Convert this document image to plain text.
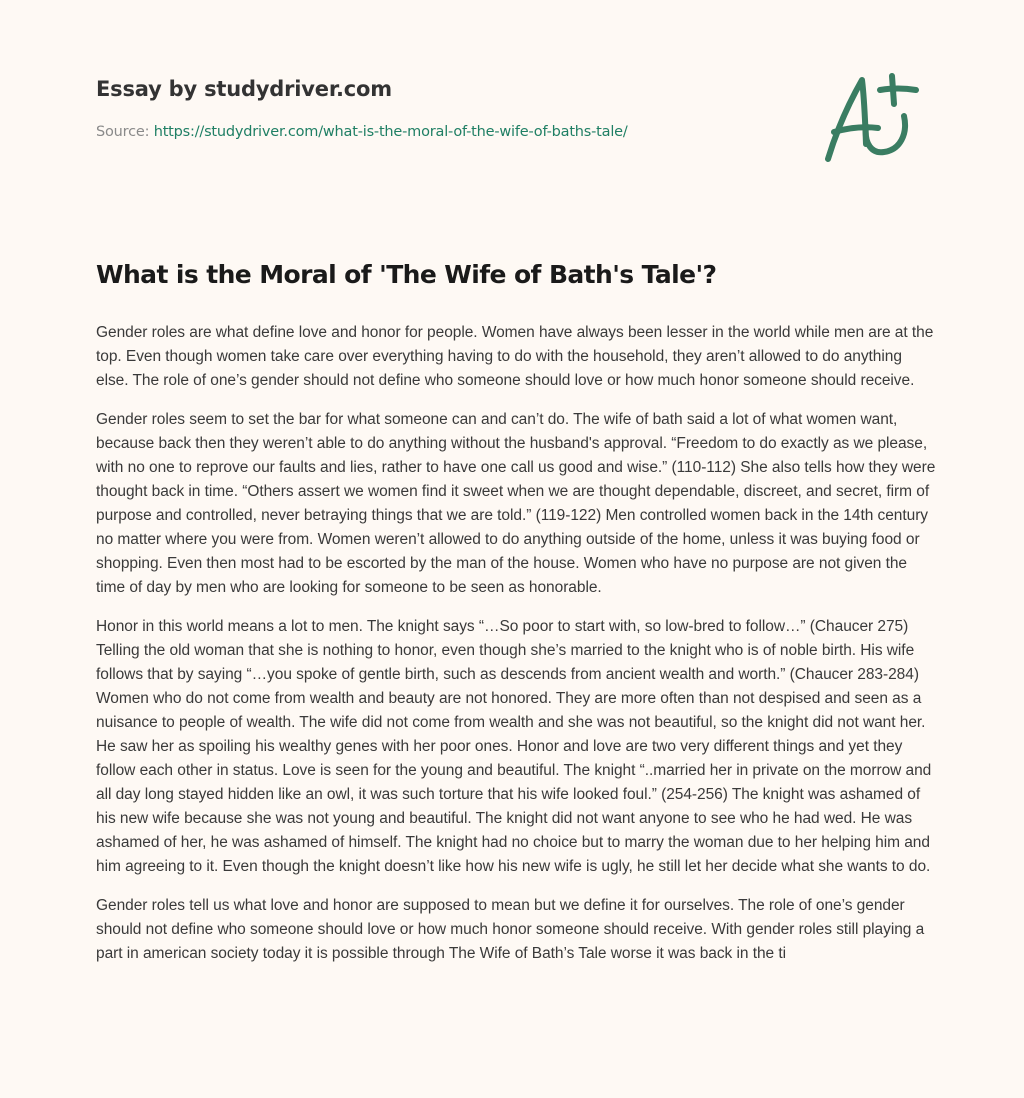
Essay by studydriver.com
Source: https://studydriver.com/what-is-the-moral-of-the-wife-of-baths-tale/
What is the Moral of 'The Wife of Bath's Tale'?

Gender roles are what define love and honor for people. Women have always been lesser in the world while men are at the top. Even though women take care over everything having to do with the household, they aren’t allowed to do anything else. The role of one’s gender should not define who someone should love or how much honor someone should receive.

Gender roles seem to set the bar for what someone can and can’t do. The wife of bath said a lot of what women want, because back then they weren’t able to do anything without the husband's approval. “Freedom to do exactly as we please, with no one to reprove our faults and lies, rather to have one call us good and wise.” (110-112) She also tells how they were thought back in time. “Others assert we women find it sweet when we are thought dependable, discreet, and secret, firm of purpose and controlled, never betraying things that we are told.” (119-122) Men controlled women back in the 14th century no matter where you were from. Women weren’t allowed to do anything outside of the home, unless it was buying food or shopping. Even then most had to be escorted by the man of the house. Women who have no purpose are not given the time of day by men who are looking for someone to be seen as honorable.

Honor in this world means a lot to men. The knight says “…So poor to start with, so low-bred to follow…” (Chaucer 275) Telling the old woman that she is nothing to honor, even though she’s married to the knight who is of noble birth. His wife follows that by saying “…you spoke of gentle birth, such as descends from ancient wealth and worth.” (Chaucer 283-284) Women who do not come from wealth and beauty are not honored. They are more often than not despised and seen as a nuisance to people of wealth. The wife did not come from wealth and she was not beautiful, so the knight did not want her. He saw her as spoiling his wealthy genes with her poor ones. Honor and love are two very different things and yet they follow each other in status. Love is seen for the young and beautiful. The knight “..married her in private on the morrow and all day long stayed hidden like an owl, it was such torture that his wife looked foul.” (254-256) The knight was ashamed of his new wife because she was not young and beautiful. The knight did not want anyone to see who he had wed. He was ashamed of her, he was ashamed of himself. The knight had no choice but to marry the woman due to her helping him and him agreeing to it. Even though the knight doesn’t like how his new wife is ugly, he still let her decide what she wants to do.

Gender roles tell us what love and honor are supposed to mean but we define it for ourselves. The role of one’s gender should not define who someone should love or how much honor someone should receive. With gender roles still playing a part in american society today it is possible through The Wife of Bath’s Tale worse it was back in the ti
